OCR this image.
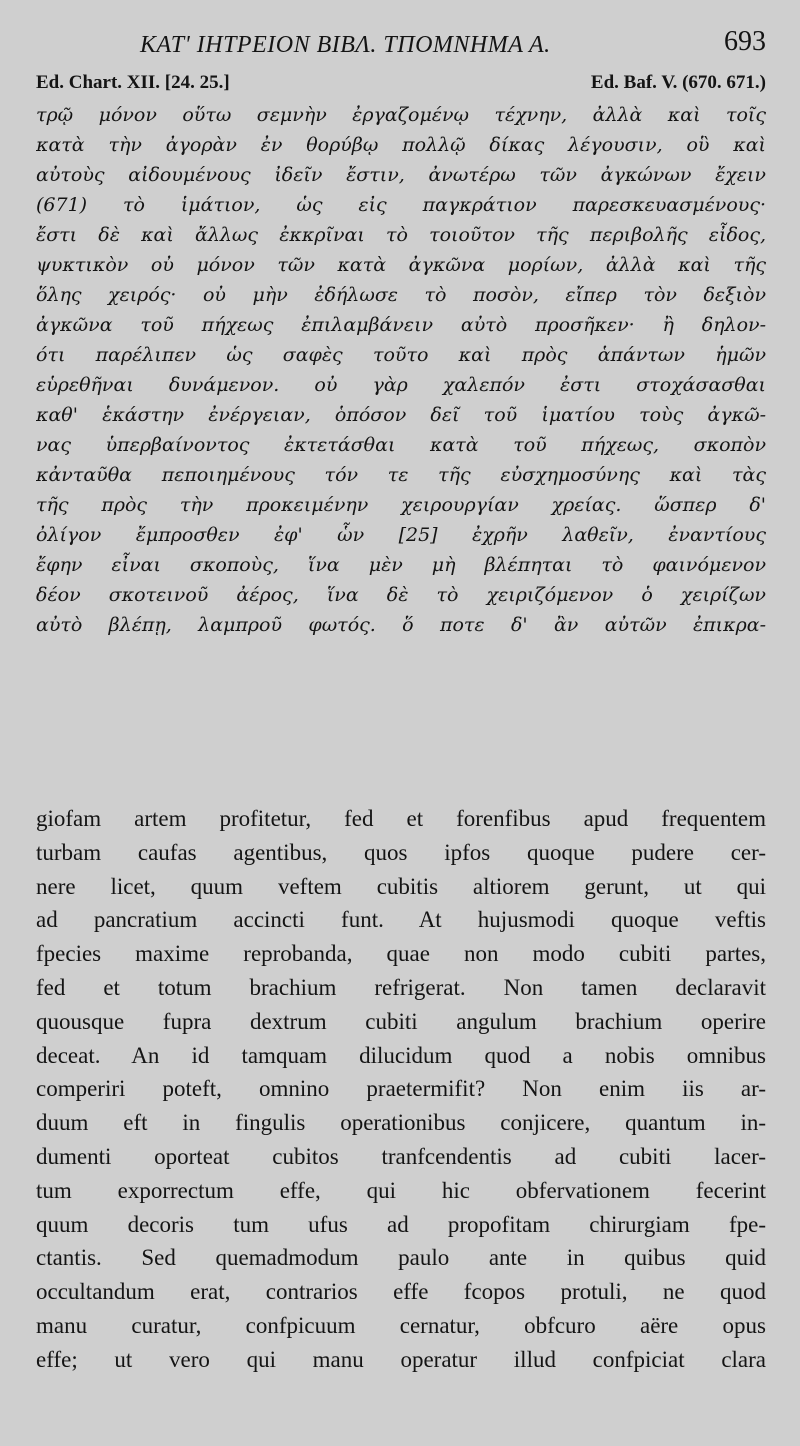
ΚΑΤ' ΙΗΤΡΕΙΟΝ ΒΙΒΛ. ΤΠΟΜΝΗΜΑ Α.	693
Ed. Chart. XII. [24. 25.]	Ed. Baf. V. (670. 671.)
τρῷ μόνον οὕτω σεμνὴν ἐργαζομένῳ τέχνην, ἀλλὰ καὶ τοῖς
κατὰ τὴν ἀγορὰν ἐν θορύβῳ πολλῷ δίκας λέγουσιν, οὓ καὶ
αὐτοὺς αἰδουμένους ἰδεῖν ἔστιν, ἀνωτέρω τῶν ἀγκώνων ἔχειν
(671) τὸ ἱμάτιον, ὡς εἰς παγκράτιον παρεσκευασμένους·
ἔστι δὲ καὶ ἄλλως ἐκκρῖναι τὸ τοιοῦτον τῆς περιβολῆς εἶδος,
ψυκτικὸν οὐ μόνον τῶν κατὰ ἀγκῶνα μορίων, ἀλλὰ καὶ τῆς
ὅλης χειρός· οὐ μὴν ἐδήλωσε τὸ ποσὸν, εἴπερ τὸν δεξιὸν
ἀγκῶνα τοῦ πήχεως ἐπιλαμβάνειν αὐτὸ προσῆκεν· ἢ δηλον-
ότι παρέλιπεν ὡς σαφὲς τοῦτο καὶ πρὸς ἁπάντων ἡμῶν
εὑρεθῆναι δυνάμενον. οὐ γὰρ χαλεπόν ἐστι στοχάσασθαι
καθ' ἑκάστην ἐνέργειαν, ὁπόσον δεῖ τοῦ ἱματίου τοὺς ἀγκῶ-
νας ὑπερβαίνοντος ἐκτετάσθαι κατὰ τοῦ πήχεως, σκοπὸν
κἀνταῦθα πεποιημένους τόν τε τῆς εὐσχημοσύνης καὶ τὰς
τῆς πρὸς τὴν προκειμένην χειρουργίαν χρείας. ὥσπερ δ'
ὀλίγον ἔμπροσθεν ἐφ' ὧν [25] ἐχρῆν λαθεῖν, ἐναντίους
ἔφην εἶναι σκοποὺς, ἵνα μὲν μὴ βλέπηται τὸ φαινόμενον
δέον σκοτεινοῦ ἀέρος, ἵνα δὲ τὸ χειριζόμενον ὁ χειρίζων
αὐτὸ βλέπῃ, λαμπροῦ φωτός. ὅ ποτε δ' ἂν αὐτῶν ἐπικρα-
giofam artem profitetur, fed et forenfibus apud frequentem
turbam caufas agentibus, quos ipfos quoque pudere cer-
nere licet, quum veftem cubitis altiorem gerunt, ut qui
ad pancratium accincti funt. At hujusmodi quoque veftis
fpecies maxime reprobanda, quae non modo cubiti partes,
fed et totum brachium refrigerat. Non tamen declaravit
quousque fupra dextrum cubiti angulum brachium operire
deceat. An id tamquam dilucidum quod a nobis omnibus
comperiri poteft, omnino praetermifit? Non enim iis ar-
duum eft in fingulis operationibus conjicere, quantum in-
dumenti oporteat cubitos tranfcendentis ad cubiti lacer-
tum exporrectum effe, qui hic obfervationem fecerint
quum decoris tum ufus ad propofitam chirurgiam fpe-
ctantis. Sed quemadmodum paulo ante in quibus quid
occultandum erat, contrarios effe fcopos protuli, ne quod
manu curatur, confpicuum cernatur, obfcuro aëre opus
effe; ut vero qui manu operatur illud confpiciat clara
